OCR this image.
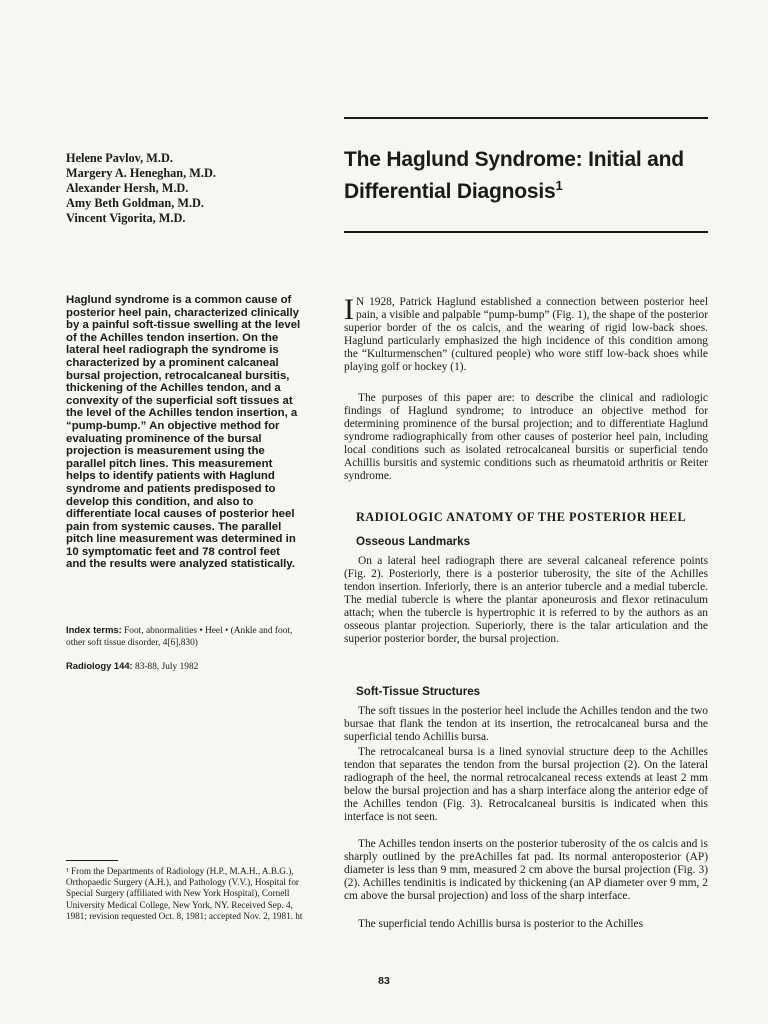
The Haglund Syndrome: Initial and Differential Diagnosis$^1$
Helene Pavlov, M.D.
Margery A. Heneghan, M.D.
Alexander Hersh, M.D.
Amy Beth Goldman, M.D.
Vincent Vigorita, M.D.
Haglund syndrome is a common cause of posterior heel pain, characterized clinically by a painful soft-tissue swelling at the level of the Achilles tendon insertion. On the lateral heel radiograph the syndrome is characterized by a prominent calcaneal bursal projection, retrocalcaneal bursitis, thickening of the Achilles tendon, and a convexity of the superficial soft tissues at the level of the Achilles tendon insertion, a “pump-bump.” An objective method for evaluating prominence of the bursal projection is measurement using the parallel pitch lines. This measurement helps to identify patients with Haglund syndrome and patients predisposed to develop this condition, and also to differentiate local causes of posterior heel pain from systemic causes. The parallel pitch line measurement was determined in 10 symptomatic feet and 78 control feet and the results were analyzed statistically.
Index terms: Foot, abnormalities • Heel • (Ankle and foot, other soft tissue disorder, 4[6].830)
Radiology 144: 83-88, July 1982
¹ From the Departments of Radiology (H.P., M.A.H., A.B.G.), Orthopaedic Surgery (A.H.), and Pathology (V.V.), Hospital for Special Surgery (affiliated with New York Hospital), Cornell University Medical College, New York, NY. Received Sep. 4, 1981; revision requested Oct. 8, 1981; accepted Nov. 2, 1981. ht
I N 1928, Patrick Haglund established a connection between posterior heel pain, a visible and palpable “pump-bump” (Fig. 1), the shape of the posterior superior border of the os calcis, and the wearing of rigid low-back shoes. Haglund particularly emphasized the high incidence of this condition among the “Kulturmenschen” (cultured people) who wore stiff low-back shoes while playing golf or hockey (1).
The purposes of this paper are: to describe the clinical and radiologic findings of Haglund syndrome; to introduce an objective method for determining prominence of the bursal projection; and to differentiate Haglund syndrome radiographically from other causes of posterior heel pain, including local conditions such as isolated retrocalcaneal bursitis or superficial tendo Achillis bursitis and systemic conditions such as rheumatoid arthritis or Reiter syndrome.
RADIOLOGIC ANATOMY OF THE POSTERIOR HEEL
Osseous Landmarks
On a lateral heel radiograph there are several calcaneal reference points (Fig. 2). Posteriorly, there is a posterior tuberosity, the site of the Achilles tendon insertion. Inferiorly, there is an anterior tubercle and a medial tubercle. The medial tubercle is where the plantar aponeurosis and flexor retinaculum attach; when the tubercle is hypertrophic it is referred to by the authors as an osseous plantar projection. Superiorly, there is the talar articulation and the superior posterior border, the bursal projection.
Soft-Tissue Structures
The soft tissues in the posterior heel include the Achilles tendon and the two bursae that flank the tendon at its insertion, the retrocalcaneal bursa and the superficial tendo Achillis bursa.
The retrocalcaneal bursa is a lined synovial structure deep to the Achilles tendon that separates the tendon from the bursal projection (2). On the lateral radiograph of the heel, the normal retrocalcaneal recess extends at least 2 mm below the bursal projection and has a sharp interface along the anterior edge of the Achilles tendon (Fig. 3). Retrocalcaneal bursitis is indicated when this interface is not seen.
The Achilles tendon inserts on the posterior tuberosity of the os calcis and is sharply outlined by the preAchilles fat pad. Its normal anteroposterior (AP) diameter is less than 9 mm, measured 2 cm above the bursal projection (Fig. 3) (2). Achilles tendinitis is indicated by thickening (an AP diameter over 9 mm, 2 cm above the bursal projection) and loss of the sharp interface.
The superficial tendo Achillis bursa is posterior to the Achilles
83
